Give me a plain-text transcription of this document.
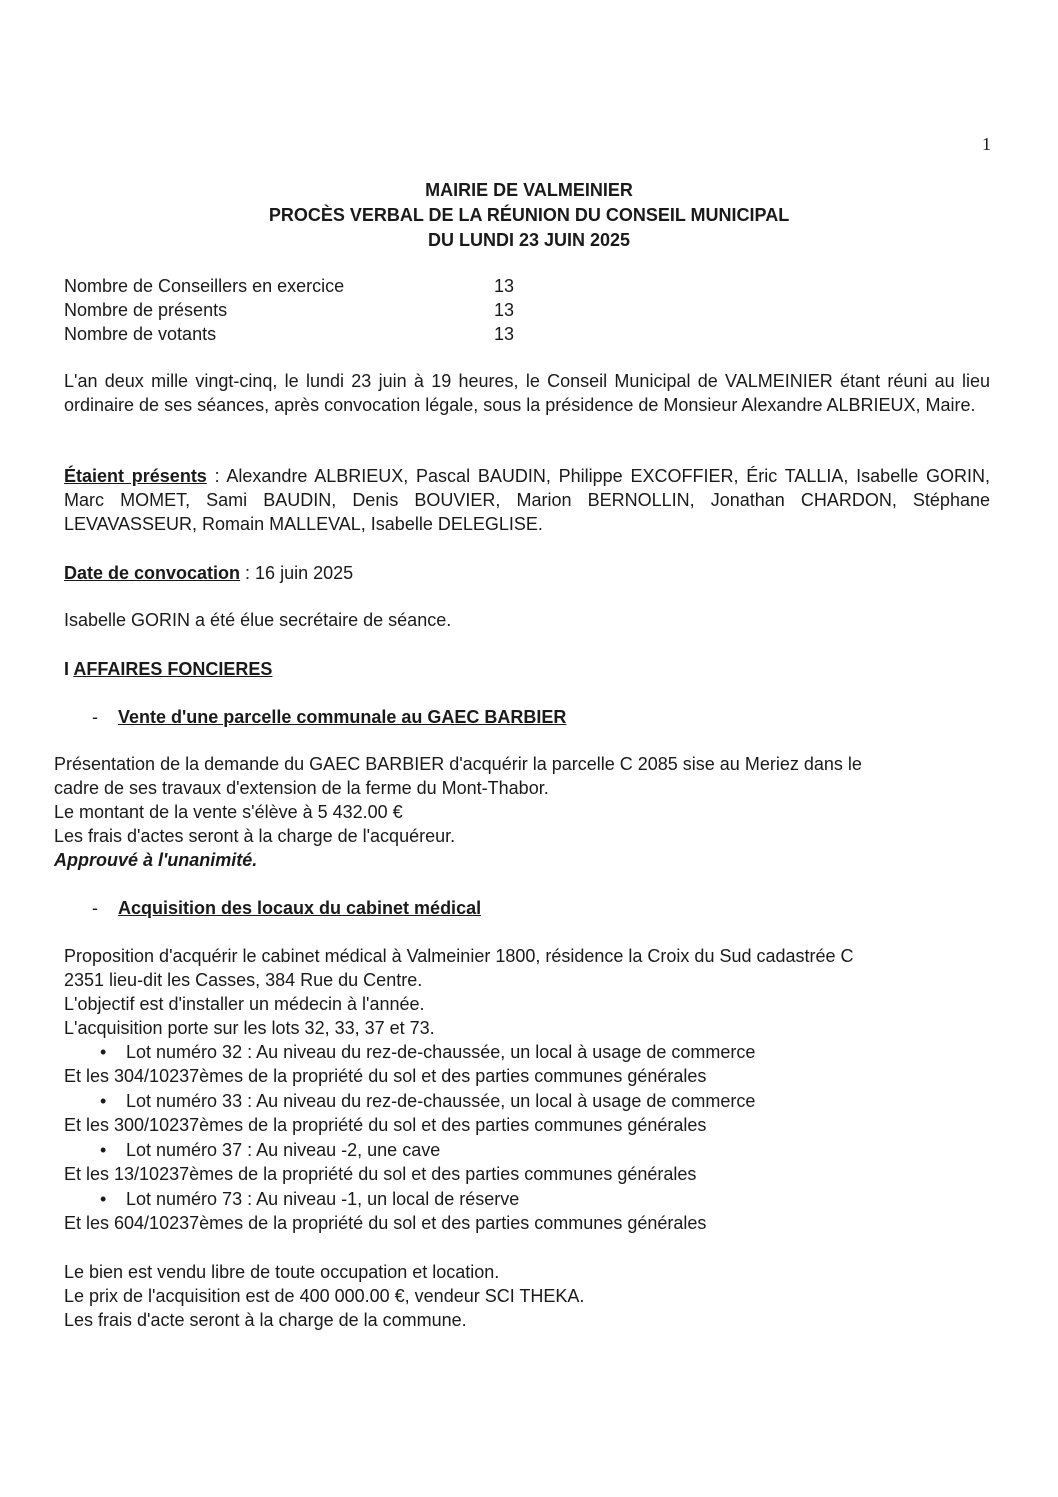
1
MAIRIE DE VALMEINIER
PROCÈS VERBAL DE LA RÉUNION DU CONSEIL MUNICIPAL
DU LUNDI 23 JUIN 2025
Nombre de Conseillers en exercice	13
Nombre de présents	13
Nombre de votants	13
L'an deux mille vingt-cinq, le lundi 23 juin à 19 heures, le Conseil Municipal de VALMEINIER étant réuni au lieu ordinaire de ses séances, après convocation légale, sous la présidence de Monsieur Alexandre ALBRIEUX, Maire.
Étaient présents : Alexandre ALBRIEUX, Pascal BAUDIN, Philippe EXCOFFIER, Éric TALLIA, Isabelle GORIN, Marc MOMET, Sami BAUDIN, Denis BOUVIER, Marion BERNOLLIN, Jonathan CHARDON, Stéphane LEVAVASSEUR, Romain MALLEVAL, Isabelle DELEGLISE.
Date de convocation : 16 juin 2025
Isabelle GORIN a été élue secrétaire de séance.
I AFFAIRES FONCIERES
- Vente d'une parcelle communale au GAEC BARBIER
Présentation de la demande du GAEC BARBIER d'acquérir la parcelle C 2085 sise au Meriez dans le
cadre de ses travaux d'extension de la ferme du Mont-Thabor.
Le montant de la vente s'élève à 5 432.00 €
Les frais d'actes seront à la charge de l'acquéreur.
Approuvé à l'unanimité.
- Acquisition des locaux du cabinet médical
Proposition d'acquérir le cabinet médical à Valmeinier 1800, résidence la Croix du Sud cadastrée C
2351 lieu-dit les Casses, 384 Rue du Centre.
L'objectif est d'installer un médecin à l'année.
L'acquisition porte sur les lots 32, 33, 37 et 73.
• Lot numéro 32 : Au niveau du rez-de-chaussée, un local à usage de commerce
Et les 304/10237èmes de la propriété du sol et des parties communes générales
• Lot numéro 33 : Au niveau du rez-de-chaussée, un local à usage de commerce
Et les 300/10237èmes de la propriété du sol et des parties communes générales
• Lot numéro 37 : Au niveau -2, une cave
Et les 13/10237èmes de la propriété du sol et des parties communes générales
• Lot numéro 73 : Au niveau -1, un local de réserve
Et les 604/10237èmes de la propriété du sol et des parties communes générales
Le bien est vendu libre de toute occupation et location.
Le prix de l'acquisition est de 400 000.00 €, vendeur SCI THEKA.
Les frais d'acte seront à la charge de la commune.
